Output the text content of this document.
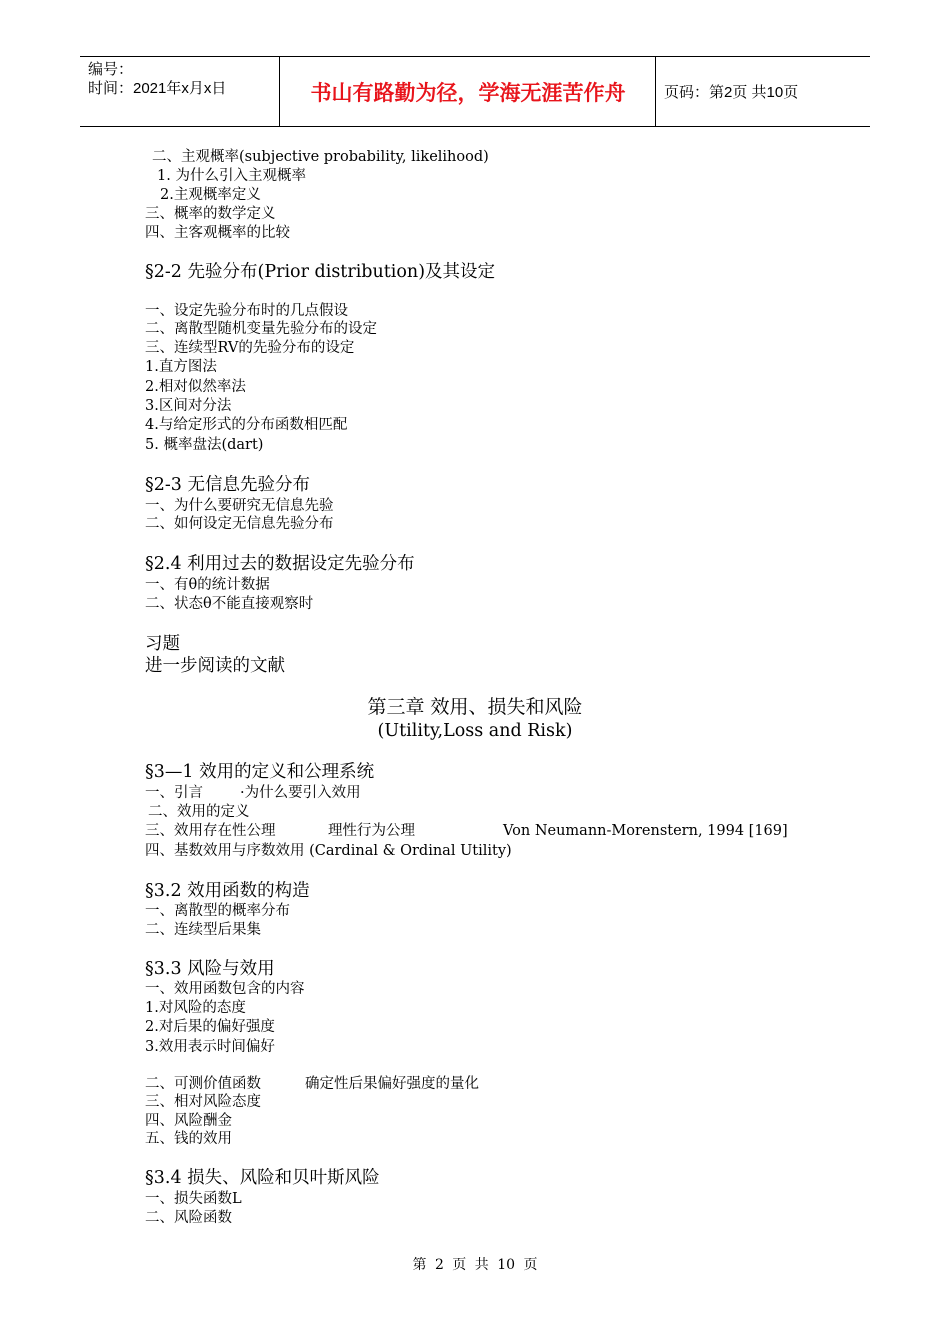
编号：
时间：2021年x月x日	书山有路勤为径，学海无涯苦作舟	页码：第2页 共10页
二、主观概率(subjective probability, likelihood)
1. 为什么引入主观概率
2.主观概率定义
三、概率的数学定义
四、主客观概率的比较
§2-2 先验分布(Prior distribution)及其设定
一、设定先验分布时的几点假设
二、离散型随机变量先验分布的设定
三、连续型RV的先验分布的设定
1.直方图法
2.相对似然率法
3.区间对分法
4.与给定形式的分布函数相匹配
5. 概率盘法(dart)
§2-3 无信息先验分布
一、为什么要研究无信息先验
二、如何设定无信息先验分布
§2.4 利用过去的数据设定先验分布
一、有θ的统计数据
二、状态θ不能直接观察时
习题
进一步阅读的文献
第三章 效用、损失和风险
(Utility,Loss and Risk)
§3—1 效用的定义和公理系统
一、引言	·为什么要引入效用
二、效用的定义
三、效用存在性公理	理性行为公理	Von Neumann-Morenstern, 1994 [169]
四、基数效用与序数效用 (Cardinal & Ordinal Utility)
§3.2 效用函数的构造
一、离散型的概率分布
二、连续型后果集
§3.3 风险与效用
一、效用函数包含的内容
1.对风险的态度
2.对后果的偏好强度
3.效用表示时间偏好
二、可测价值函数	确定性后果偏好强度的量化
三、相对风险态度
四、风险酬金
五、钱的效用
§3.4 损失、风险和贝叶斯风险
一、损失函数L
二、风险函数
第 2 页 共 10 页
